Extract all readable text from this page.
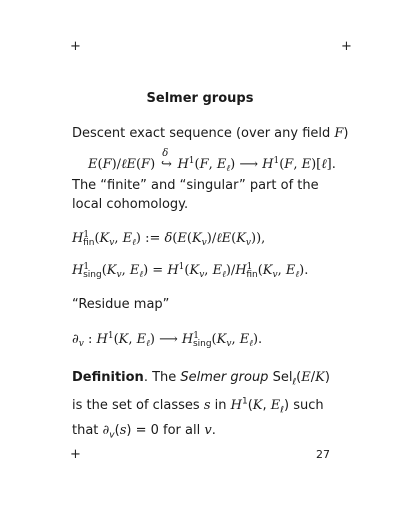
+	+
+
Selmer groups
Descent exact sequence (over any field F)
E(F)/ℓE(F)
δ
↪ $H^1(F$, $E_\ell$) ⟶ $H^1(F$, E)[ℓ].
The “finite” and “singular” part of the local cohomology.
$H^1_{fin}(K_v$, $E_\ell$) := $\delta(E(K_v)/\ell E(K_v))$,
$H^1_{sing}(K_v$, $E_\ell) = H^1(K_v$, $E_\ell)/H^1_{fin}(K_v$, $E_\ell$).
“Residue map”
$\partial_v$ : $H^1(K$, $E_\ell$) ⟶ $H^1_{sing}(K_v$, $E_\ell$).
Definition. The Selmer group Sel$_\ell$(E/K) is the set of classes s in $H^1(K$, $E_\ell$) such that $\partial_v(s) = 0$ for all v.
27
